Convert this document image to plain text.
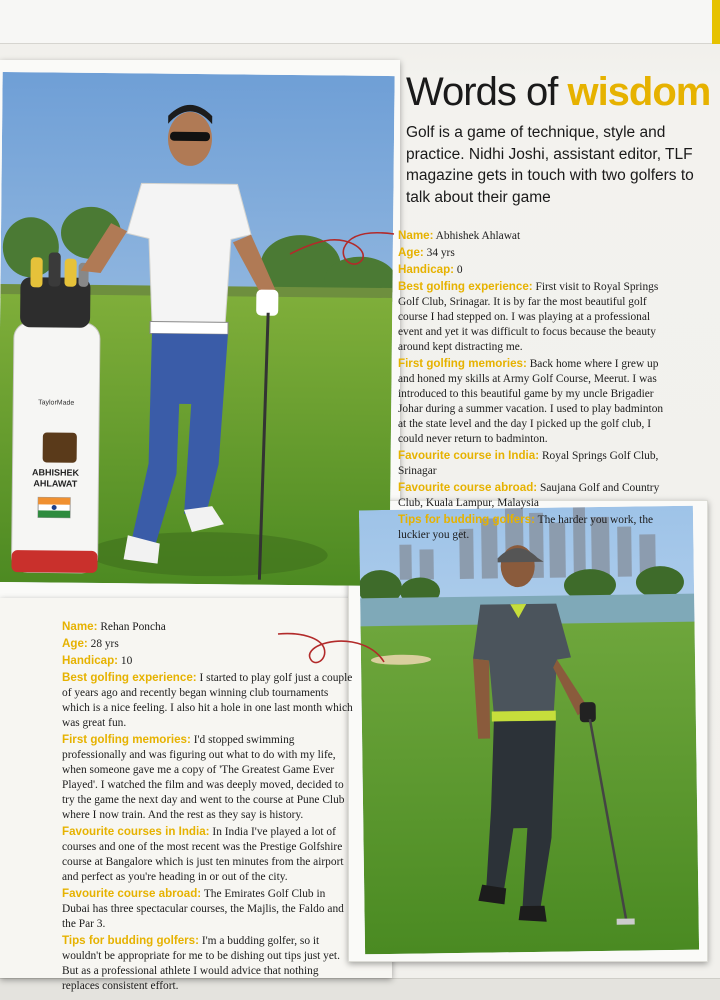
ABHISHEK
AHLAWAT
TaylorMade
Words of wisdom
Golf is a game of technique, style and practice. Nidhi Joshi, assistant editor, TLF magazine gets in touch with two golfers to talk about their game

Name: Abhishek Ahlawat

Age: 34 yrs

Handicap: 0

Best golfing experience: First visit to Royal Springs Golf Club, Srinagar. It is by far the most beautiful golf course I had stepped on. I was playing at a professional event and yet it was difficult to focus because the beauty around kept distracting me.

First golfing memories: Back home where I grew up and honed my skills at Army Golf Course, Meerut. I was introduced to this beautiful game by my uncle Brigadier Johar during a summer vacation. I used to play badminton at the state level and the day I picked up the golf club, I could never return to badminton.

Favourite course in India: Royal Springs Golf Club, Srinagar

Favourite course abroad: Saujana Golf and Country Club, Kuala Lampur, Malaysia

Tips for budding golfers: The harder you work, the luckier you get.

Name: Rehan Poncha

Age: 28 yrs

Handicap: 10

Best golfing experience: I started to play golf just a couple of years ago and recently began winning club tournaments which is a nice feeling. I also hit a hole in one last month which was great fun.

First golfing memories: I'd stopped swimming professionally and was figuring out what to do with my life, when someone gave me a copy of 'The Greatest Game Ever Played'. I watched the film and was deeply moved, decided to try the game the next day and went to the course at Pune Club where I now train. And the rest as they say is history.

Favourite courses in India: In India I've played a lot of courses and one of the most recent was the Prestige Golfshire course at Bangalore which is just ten minutes from the airport and perfect as you're heading in or out of the city.

Favourite course abroad: The Emirates Golf Club in Dubai has three spectacular courses, the Majlis, the Faldo and the Par 3.

Tips for budding golfers: I'm a budding golfer, so it wouldn't be appropriate for me to be dishing out tips just yet. But as a professional athlete I would advice that nothing replaces consistent effort.
